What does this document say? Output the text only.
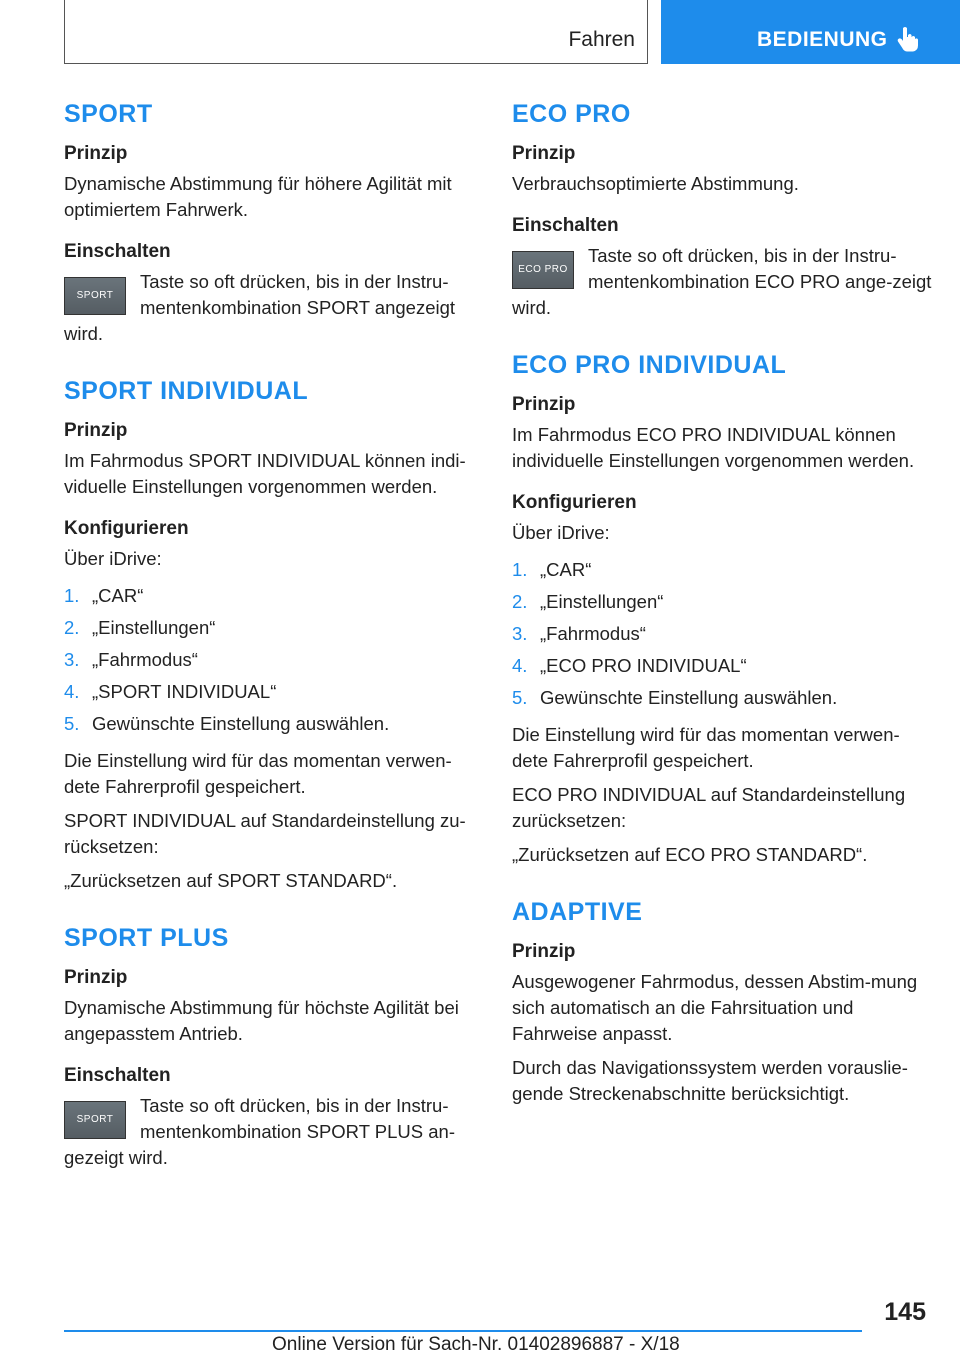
Fahren	BEDIENUNG
SPORT
Prinzip
Dynamische Abstimmung für höhere Agilität mit optimiertem Fahrwerk.
Einschalten
SPORT
Taste so oft drücken, bis in der Instru‐mentenkombination SPORT angezeigt wird.
SPORT INDIVIDUAL
Prinzip
Im Fahrmodus SPORT INDIVIDUAL können indi‐viduelle Einstellungen vorgenommen werden.
Konfigurieren
Über iDrive:
1. „CAR“
2. „Einstellungen“
3. „Fahrmodus“
4. „SPORT INDIVIDUAL“
5. Gewünschte Einstellung auswählen.
Die Einstellung wird für das momentan verwen‐dete Fahrerprofil gespeichert.
SPORT INDIVIDUAL auf Standardeinstellung zu‐rücksetzen:
„Zurücksetzen auf SPORT STANDARD“.
SPORT PLUS
Prinzip
Dynamische Abstimmung für höchste Agilität bei angepasstem Antrieb.
Einschalten
SPORT
Taste so oft drücken, bis in der Instru‐mentenkombination SPORT PLUS an‐gezeigt wird.
ECO PRO
Prinzip
Verbrauchsoptimierte Abstimmung.
Einschalten
ECO PRO
Taste so oft drücken, bis in der Instru‐mentenkombination ECO PRO ange‐zeigt wird.
ECO PRO INDIVIDUAL
Prinzip
Im Fahrmodus ECO PRO INDIVIDUAL können individuelle Einstellungen vorgenommen werden.
Konfigurieren
Über iDrive:
1. „CAR“
2. „Einstellungen“
3. „Fahrmodus“
4. „ECO PRO INDIVIDUAL“
5. Gewünschte Einstellung auswählen.
Die Einstellung wird für das momentan verwen‐dete Fahrerprofil gespeichert.
ECO PRO INDIVIDUAL auf Standardeinstellung zurücksetzen:
„Zurücksetzen auf ECO PRO STANDARD“.
ADAPTIVE
Prinzip
Ausgewogener Fahrmodus, dessen Abstim‐mung sich automatisch an die Fahrsituation und Fahrweise anpasst.
Durch das Navigationssystem werden vorauslie‐gende Streckenabschnitte berücksichtigt.
145
Online Version für Sach-Nr. 01402896887 - X/18
